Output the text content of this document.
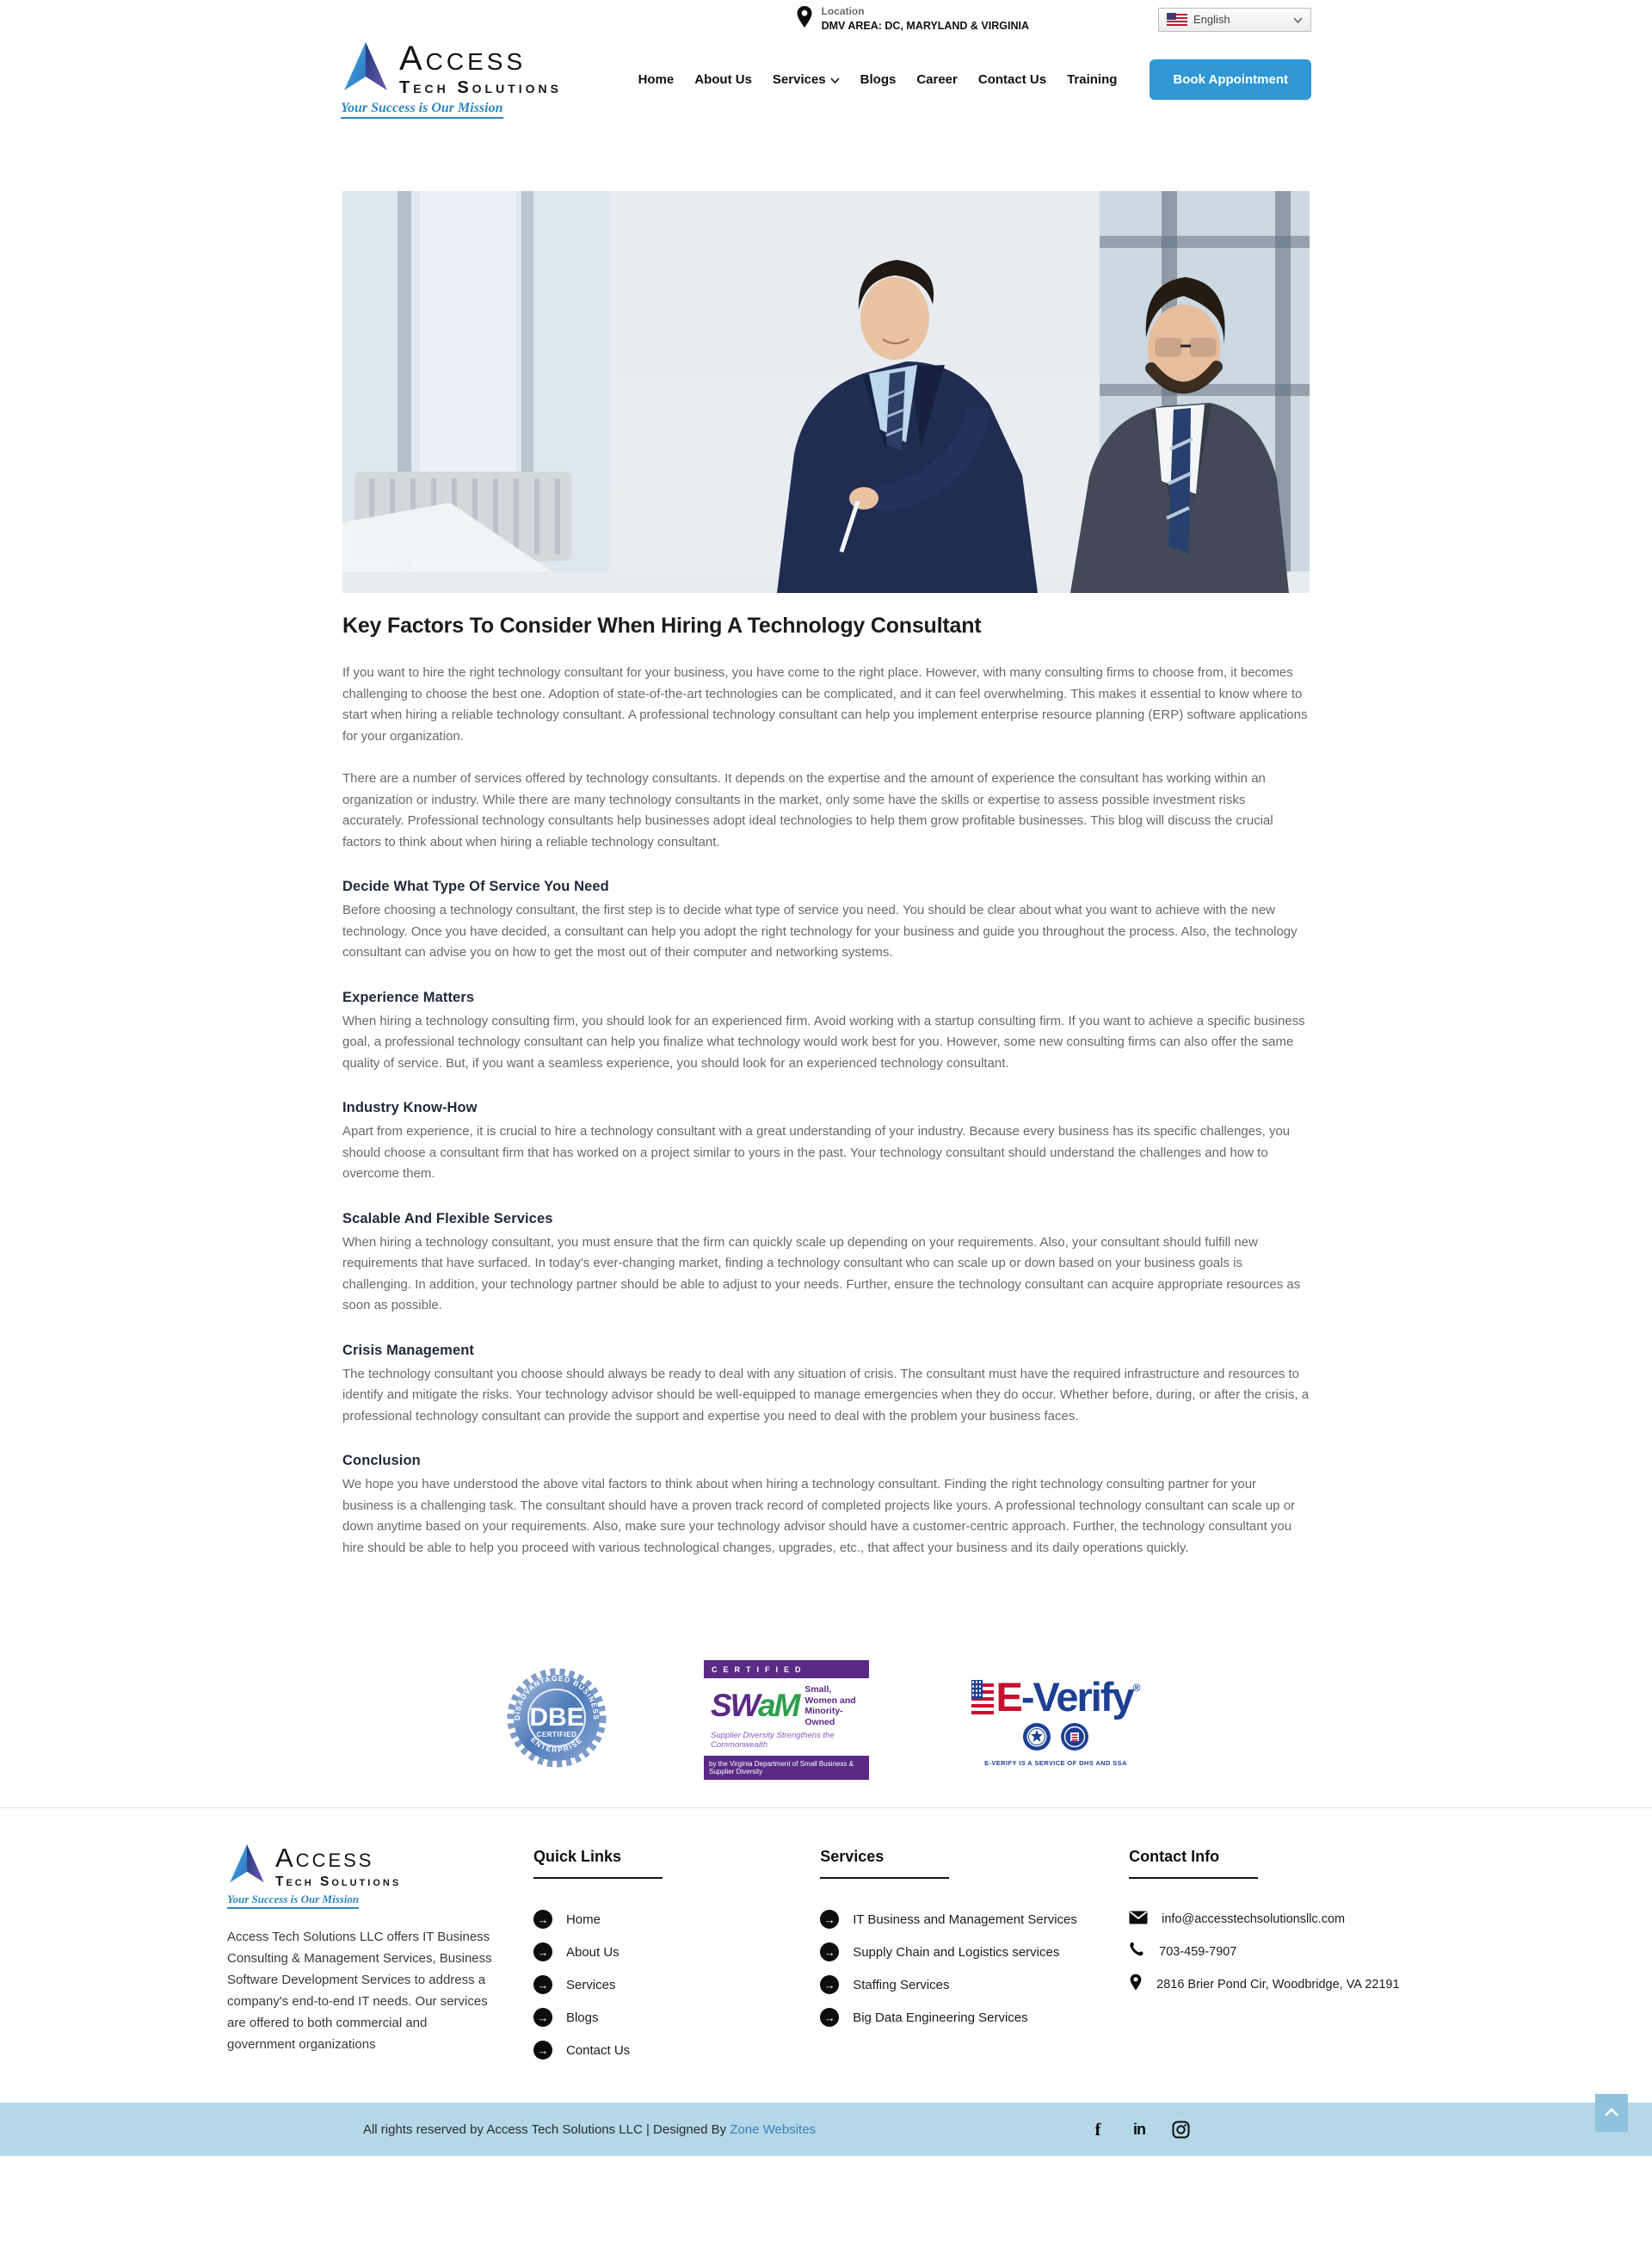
Location
DMV AREA: DC, MARYLAND & VIRGINIA	English
Access
Tech Solutions
Your Success is Our Mission
Home About Us Services	Blogs Career Contact Us Training	Book Appointment
Key Factors To Consider When Hiring A Technology Consultant

If you want to hire the right technology consultant for your business, you have come to the right place. However, with many consulting firms to choose from, it becomes challenging to choose the best one. Adoption of state-of-the-art technologies can be complicated, and it can feel overwhelming. This makes it essential to know where to start when hiring a reliable technology consultant. A professional technology consultant can help you implement enterprise resource planning (ERP) software applications for your organization.

There are a number of services offered by technology consultants. It depends on the expertise and the amount of experience the consultant has working within an organization or industry. While there are many technology consultants in the market, only some have the skills or expertise to assess possible investment risks accurately. Professional technology consultants help businesses adopt ideal technologies to help them grow profitable businesses. This blog will discuss the crucial factors to think about when hiring a reliable technology consultant.

Decide What Type Of Service You Need

Before choosing a technology consultant, the first step is to decide what type of service you need. You should be clear about what you want to achieve with the new technology. Once you have decided, a consultant can help you adopt the right technology for your business and guide you throughout the process. Also, the technology consultant can advise you on how to get the most out of their computer and networking systems.

Experience Matters

When hiring a technology consulting firm, you should look for an experienced firm. Avoid working with a startup consulting firm. If you want to achieve a specific business goal, a professional technology consultant can help you finalize what technology would work best for you. However, some new consulting firms can also offer the same quality of service. But, if you want a seamless experience, you should look for an experienced technology consultant.

Industry Know-How

Apart from experience, it is crucial to hire a technology consultant with a great understanding of your industry. Because every business has its specific challenges, you should choose a consultant firm that has worked on a project similar to yours in the past. Your technology consultant should understand the challenges and how to overcome them.

Scalable And Flexible Services

When hiring a technology consultant, you must ensure that the firm can quickly scale up depending on your requirements. Also, your consultant should fulfill new requirements that have surfaced. In today's ever-changing market, finding a technology consultant who can scale up or down based on your business goals is challenging. In addition, your technology partner should be able to adjust to your needs. Further, ensure the technology consultant can acquire appropriate resources as soon as possible.

Crisis Management

The technology consultant you choose should always be ready to deal with any situation of crisis. The consultant must have the required infrastructure and resources to identify and mitigate the risks. Your technology advisor should be well-equipped to manage emergencies when they do occur. Whether before, during, or after the crisis, a professional technology consultant can provide the support and expertise you need to deal with the problem your business faces.

Conclusion

We hope you have understood the above vital factors to think about when hiring a technology consultant. Finding the right technology consulting partner for your business is a challenging task. The consultant should have a proven track record of completed projects like yours. A professional technology consultant can scale up or down anytime based on your requirements. Also, make sure your technology advisor should have a customer-centric approach. Further, the technology consultant you hire should be able to help you proceed with various technological changes, upgrades, etc., that affect your business and its daily operations quickly.

DISADVANTAGED BUSINESS
DBE
CERTIFIED
ENTERPRISE
CERTIFIED
SWaM Small, Women and Minority-Owned
Supplier Diversity Strengthens the Commonwealth
by the Virginia Department of Small Business & Supplier Diversity
E -Verify ®
E-VERIFY IS A SERVICE OF DHS AND SSA
Access
Tech Solutions
Your Success is Our Mission
Access Tech Solutions LLC offers IT Business Consulting & Management Services, Business Software Development Services to address a company's end-to-end IT needs. Our services are offered to both commercial and government organizations
Quick Links
→	Home
→	About Us
→	Services
→	Blogs
→	Contact Us
Services
→	IT Business and Management Services
→	Supply Chain and Logistics services
→	Staffing Services
→	Big Data Engineering Services
Contact Info
info@accesstechsolutionsllc.com
703-459-7907
2816 Brier Pond Cir, Woodbridge, VA 22191
All rights reserved by Access Tech Solutions LLC | Designed By Zone Websites	f	in
